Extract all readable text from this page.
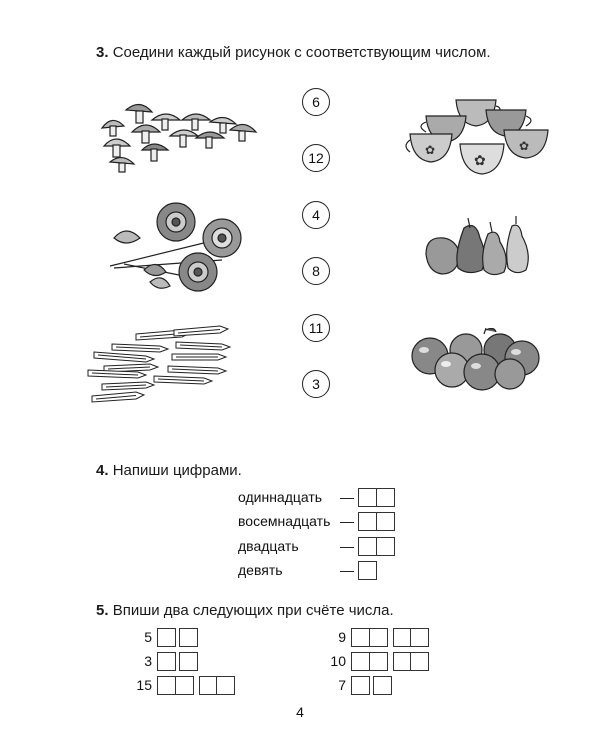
3. Соедини каждый рисунок с соответствующим числом.
6
12
4
8
11
3
✿
✿
✿
4. Напиши цифрами.
одиннадцать —
восемнадцать —
двадцать	—
девять	—
5. Впиши два следующих при счёте числа.
5
3
15
9
10
7
4
